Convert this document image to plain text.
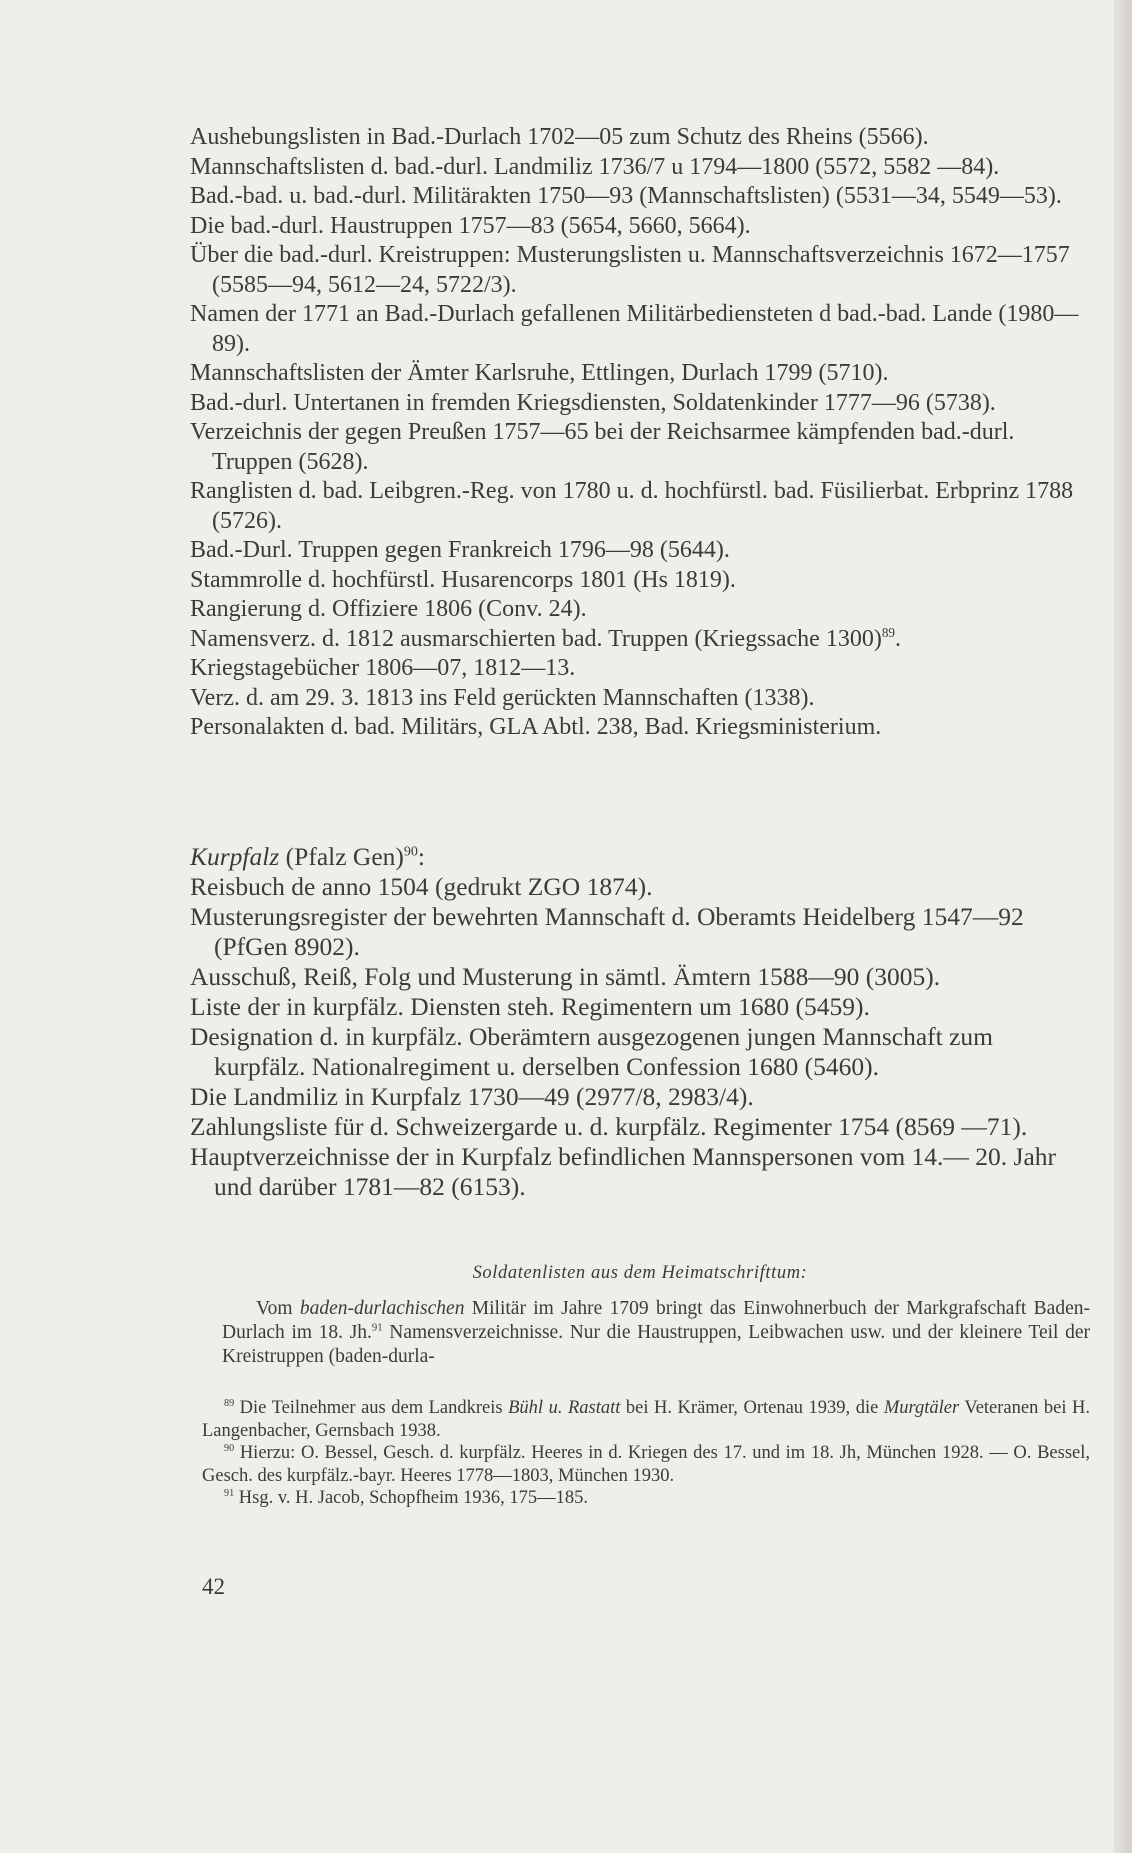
Aushebungslisten in Bad.-Durlach 1702—05 zum Schutz des Rheins (5566).
Mannschaftslisten d. bad.-durl. Landmiliz 1736/7 u 1794—1800 (5572, 5582 —84).
Bad.-bad. u. bad.-durl. Militärakten 1750—93 (Mannschaftslisten) (5531—34, 5549—53).
Die bad.-durl. Haustruppen 1757—83 (5654, 5660, 5664).
Über die bad.-durl. Kreistruppen: Musterungslisten u. Mannschaftsverzeichnis 1672—1757 (5585—94, 5612—24, 5722/3).
Namen der 1771 an Bad.-Durlach gefallenen Militärbediensteten d bad.-bad. Lande (1980—89).
Mannschaftslisten der Ämter Karlsruhe, Ettlingen, Durlach 1799 (5710).
Bad.-durl. Untertanen in fremden Kriegsdiensten, Soldatenkinder 1777—96 (5738).
Verzeichnis der gegen Preußen 1757—65 bei der Reichsarmee kämpfenden bad.-durl. Truppen (5628).
Ranglisten d. bad. Leibgren.-Reg. von 1780 u. d. hochfürstl. bad. Füsilierbat. Erbprinz 1788 (5726).
Bad.-Durl. Truppen gegen Frankreich 1796—98 (5644).
Stammrolle d. hochfürstl. Husarencorps 1801 (Hs 1819).
Rangierung d. Offiziere 1806 (Conv. 24).
Namensverz. d. 1812 ausmarschierten bad. Truppen (Kriegssache 1300)$^{89}$.
Kriegstagebücher 1806—07, 1812—13.
Verz. d. am 29. 3. 1813 ins Feld gerückten Mannschaften (1338).
Personalakten d. bad. Militärs, GLA Abtl. 238, Bad. Kriegsministerium.
Kurpfalz (Pfalz Gen)$^{90}$:
Reisbuch de anno 1504 (gedrukt ZGO 1874).
Musterungsregister der bewehrten Mannschaft d. Oberamts Heidelberg 1547—92 (PfGen 8902).
Ausschuß, Reiß, Folg und Musterung in sämtl. Ämtern 1588—90 (3005).
Liste der in kurpfälz. Diensten steh. Regimentern um 1680 (5459).
Designation d. in kurpfälz. Oberämtern ausgezogenen jungen Mannschaft zum kurpfälz. Nationalregiment u. derselben Confession 1680 (5460).
Die Landmiliz in Kurpfalz 1730—49 (2977/8, 2983/4).
Zahlungsliste für d. Schweizergarde u. d. kurpfälz. Regimenter 1754 (8569 —71).
Hauptverzeichnisse der in Kurpfalz befindlichen Mannspersonen vom 14.— 20. Jahr und darüber 1781—82 (6153).
Soldatenlisten aus dem Heimatschrifttum:
Vom baden-durlachischen Militär im Jahre 1709 bringt das Einwohnerbuch der Markgrafschaft Baden-Durlach im 18. Jh.$^{91}$ Namensverzeichnisse. Nur die Haustruppen, Leibwachen usw. und der kleinere Teil der Kreistruppen (baden-durla-
$^{89}$ Die Teilnehmer aus dem Landkreis Bühl u. Rastatt bei H. Krämer, Ortenau 1939, die Murgtäler Veteranen bei H. Langenbacher, Gernsbach 1938.
$^{90}$ Hierzu: O. Bessel, Gesch. d. kurpfälz. Heeres in d. Kriegen des 17. und im 18. Jh, München 1928. — O. Bessel, Gesch. des kurpfälz.-bayr. Heeres 1778—1803, München 1930.
$^{91}$ Hsg. v. H. Jacob, Schopfheim 1936, 175—185.
42
